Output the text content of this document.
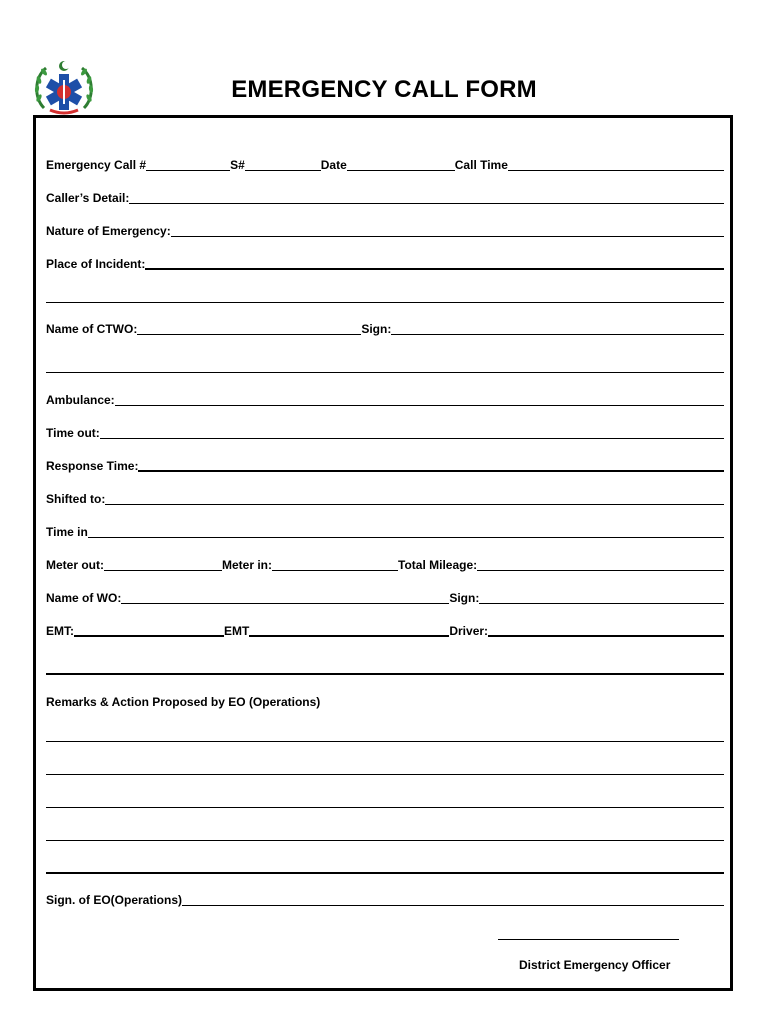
EMERGENCY CALL FORM
Emergency Call #	S#	Date	Call Time
Caller’s Detail:
Nature of Emergency:
Place of Incident:
Name of CTWO:	Sign:
Ambulance:
Time out:
Response Time:
Shifted to:
Time in
Meter out:	Meter in:	Total Mileage:
Name of WO:	Sign:
EMT:	EMT	Driver:
Remarks & Action Proposed by EO (Operations)
Sign. of EO(Operations)
District Emergency Officer
